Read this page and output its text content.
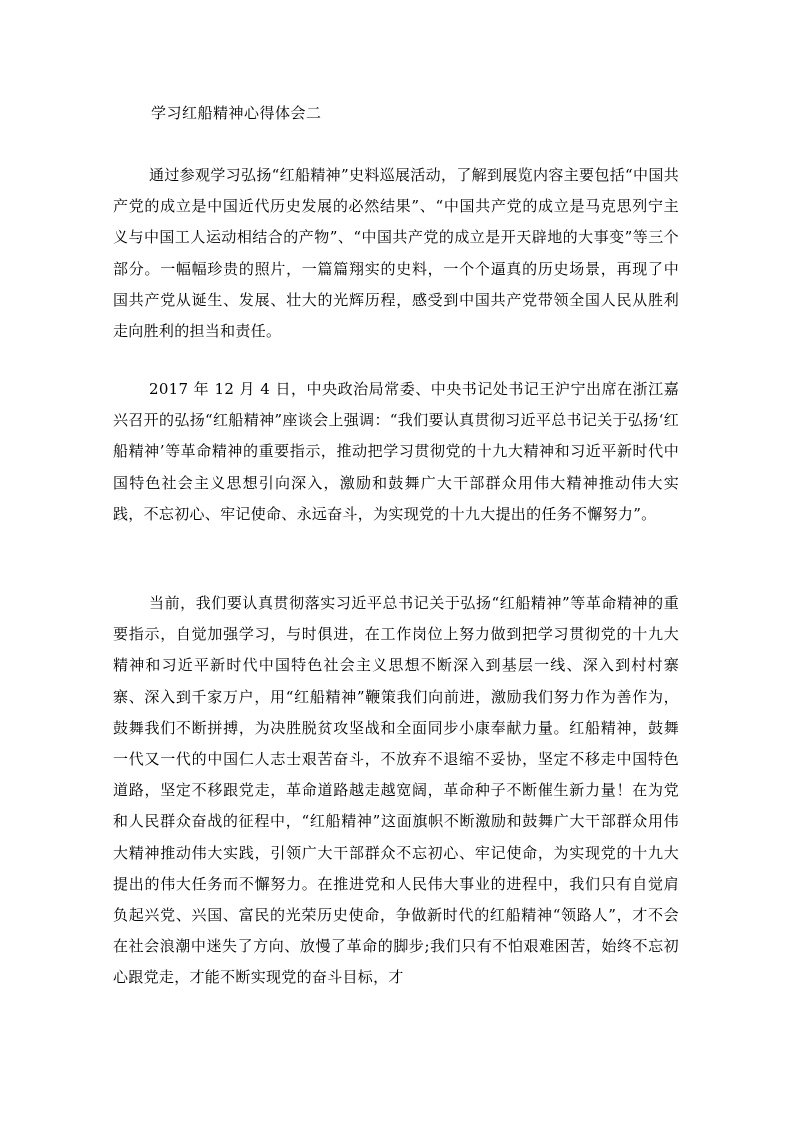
学习红船精神心得体会二

通过参观学习弘扬“红船精神”史料巡展活动，了解到展览内容主要包括“中国共产党的成立是中国近代历史发展的必然结果”、“中国共产党的成立是马克思列宁主义与中国工人运动相结合的产物”、“中国共产党的成立是开天辟地的大事变”等三个部分。一幅幅珍贵的照片，一篇篇翔实的史料，一个个逼真的历史场景，再现了中国共产党从诞生、发展、壮大的光辉历程，感受到中国共产党带领全国人民从胜利走向胜利的担当和责任。

2017 年 12 月 4 日，中央政治局常委、中央书记处书记王沪宁出席在浙江嘉兴召开的弘扬“红船精神”座谈会上强调：“我们要认真贯彻习近平总书记关于弘扬‘红船精神’等革命精神的重要指示，推动把学习贯彻党的十九大精神和习近平新时代中国特色社会主义思想引向深入，激励和鼓舞广大干部群众用伟大精神推动伟大实践，不忘初心、牢记使命、永远奋斗，为实现党的十九大提出的任务不懈努力”。

当前，我们要认真贯彻落实习近平总书记关于弘扬“红船精神”等革命精神的重要指示，自觉加强学习，与时俱进，在工作岗位上努力做到把学习贯彻党的十九大精神和习近平新时代中国特色社会主义思想不断深入到基层一线、深入到村村寨寨、深入到千家万户，用“红船精神”鞭策我们向前进，激励我们努力作为善作为，鼓舞我们不断拼搏，为决胜脱贫攻坚战和全面同步小康奉献力量。红船精神，鼓舞一代又一代的中国仁人志士艰苦奋斗，不放弃不退缩不妥协，坚定不移走中国特色道路，坚定不移跟党走，革命道路越走越宽阔，革命种子不断催生新力量！在为党和人民群众奋战的征程中，“红船精神”这面旗帜不断激励和鼓舞广大干部群众用伟大精神推动伟大实践，引领广大干部群众不忘初心、牢记使命，为实现党的十九大提出的伟大任务而不懈努力。在推进党和人民伟大事业的进程中，我们只有自觉肩负起兴党、兴国、富民的光荣历史使命，争做新时代的红船精神“领路人”，才不会在社会浪潮中迷失了方向、放慢了革命的脚步;我们只有不怕艰难困苦，始终不忘初心跟党走，才能不断实现党的奋斗目标，才
